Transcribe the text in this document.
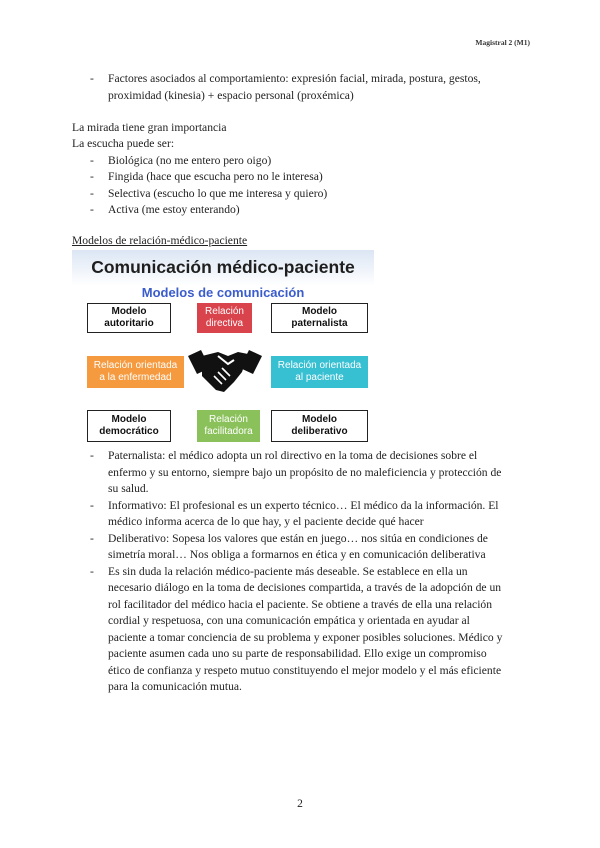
Magistral 2 (M1)
- Factores asociados al comportamiento: expresión facial, mirada, postura, gestos,
proximidad (kinesia) + espacio personal (proxémica)
La mirada tiene gran importancia
La escucha puede ser:
- Biológica (no me entero pero oigo)
- Fingida (hace que escucha pero no le interesa)
- Selectiva (escucho lo que me interesa y quiero)
- Activa (me estoy enterando)
Modelos de relación-médico-paciente
Comunicación médico-paciente
Modelos de comunicación
Modelo
autoritario
Relación
directiva
Modelo
paternalista
Relación orientada
a la enfermedad
Relación orientada
al paciente
Modelo
democrático
Relación
facilitadora
Modelo
deliberativo
- Paternalista: el médico adopta un rol directivo en la toma de decisiones sobre el
enfermo y su entorno, siempre bajo un propósito de no maleficiencia y protección de
su salud.
- Informativo: El profesional es un experto técnico… El médico da la información. El
médico informa acerca de lo que hay, y el paciente decide qué hacer
- Deliberativo: Sopesa los valores que están en juego… nos sitúa en condiciones de
simetría moral… Nos obliga a formarnos en ética y en comunicación deliberativa
- Es sin duda la relación médico-paciente más deseable. Se establece en ella un
necesario diálogo en la toma de decisiones compartida, a través de la adopción de un
rol facilitador del médico hacia el paciente. Se obtiene a través de ella una relación
cordial y respetuosa, con una comunicación empática y orientada en ayudar al
paciente a tomar conciencia de su problema y exponer posibles soluciones. Médico y
paciente asumen cada uno su parte de responsabilidad. Ello exige un compromiso
ético de confianza y respeto mutuo constituyendo el mejor modelo y el más eficiente
para la comunicación mutua.
2
